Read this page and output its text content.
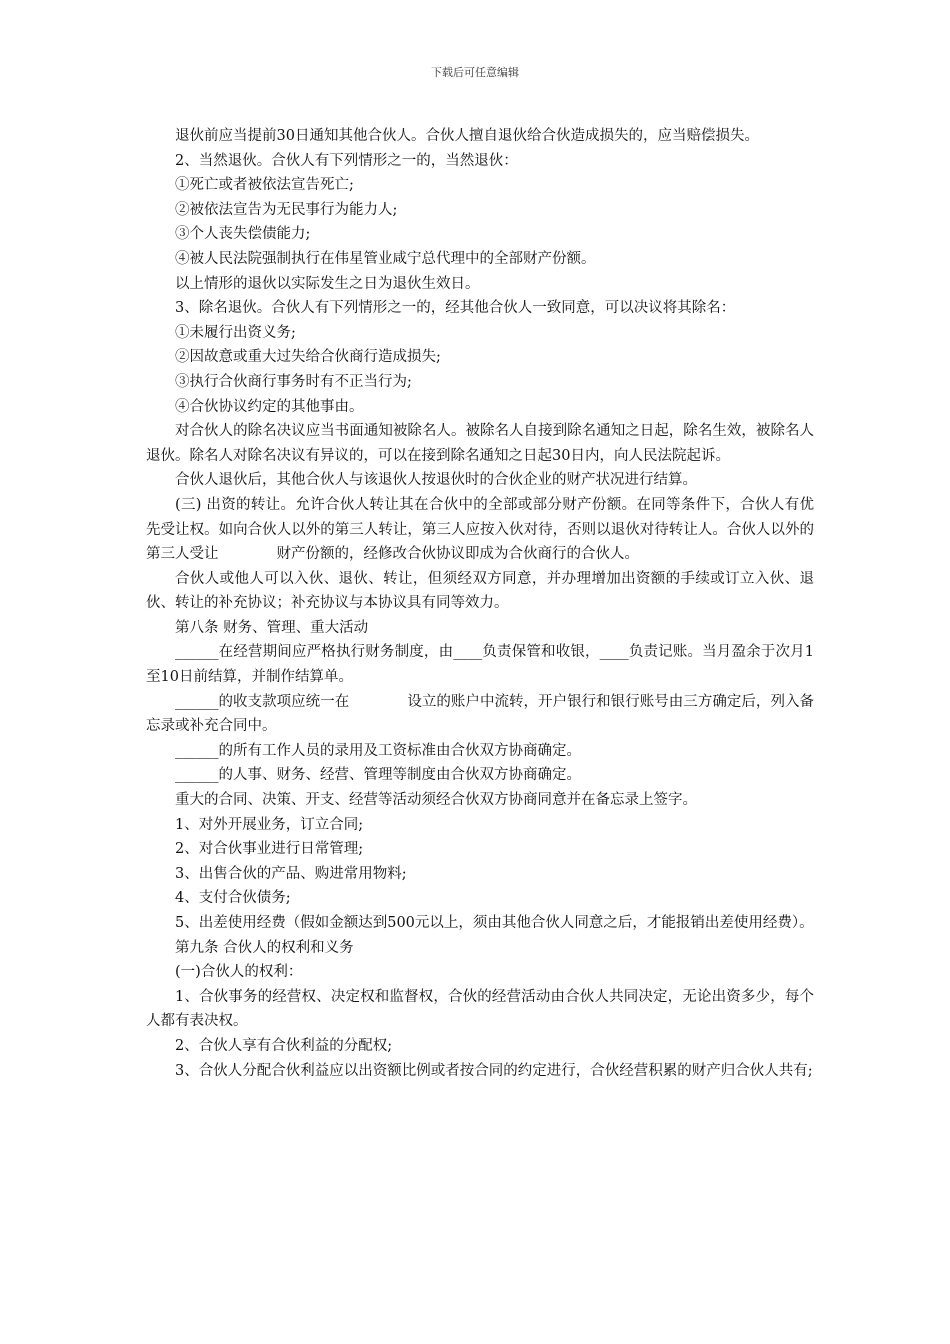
下载后可任意编辑

退伙前应当提前30日通知其他合伙人。合伙人擅自退伙给合伙造成损失的，应当赔偿损失。

2、当然退伙。合伙人有下列情形之一的，当然退伙：

①死亡或者被依法宣告死亡;

②被依法宣告为无民事行为能力人;

③个人丧失偿债能力;

④被人民法院强制执行在伟星管业咸宁总代理中的全部财产份额。

以上情形的退伙以实际发生之日为退伙生效日。

3、除名退伙。合伙人有下列情形之一的，经其他合伙人一致同意，可以决议将其除名：

①未履行出资义务;

②因故意或重大过失给合伙商行造成损失;

③执行合伙商行事务时有不正当行为;

④合伙协议约定的其他事由。

对合伙人的除名决议应当书面通知被除名人。被除名人自接到除名通知之日起，除名生效，被除名人退伙。除名人对除名决议有异议的，可以在接到除名通知之日起30日内，向人民法院起诉。

合伙人退伙后，其他合伙人与该退伙人按退伙时的合伙企业的财产状况进行结算。

(三) 出资的转让。允许合伙人转让其在合伙中的全部或部分财产份额。在同等条件下，合伙人有优先受让权。如向合伙人以外的第三人转让，第三人应按入伙对待，否则以退伙对待转让人。合伙人以外的第三人受让　　　　财产份额的，经修改合伙协议即成为合伙商行的合伙人。

合伙人或他人可以入伙、退伙、转让，但须经双方同意，并办理增加出资额的手续或订立入伙、退伙、转让的补充协议；补充协议与本协议具有同等效力。

第八条 财务、管理、重大活动

______在经营期间应严格执行财务制度，由____负责保管和收银，____负责记账。当月盈余于次月1至10日前结算，并制作结算单。

______的收支款项应统一在　　　　设立的账户中流转，开户银行和银行账号由三方确定后，列入备忘录或补充合同中。

______的所有工作人员的录用及工资标准由合伙双方协商确定。

______的人事、财务、经营、管理等制度由合伙双方协商确定。

重大的合同、决策、开支、经营等活动须经合伙双方协商同意并在备忘录上签字。

1、对外开展业务，订立合同;

2、对合伙事业进行日常管理;

3、出售合伙的产品、购进常用物料;

4、支付合伙债务;

5、出差使用经费（假如金额达到500元以上，须由其他合伙人同意之后，才能报销出差使用经费）。

第九条 合伙人的权利和义务

(一)合伙人的权利：

1、合伙事务的经营权、决定权和监督权，合伙的经营活动由合伙人共同决定，无论出资多少，每个人都有表决权。

2、合伙人享有合伙利益的分配权;

3、合伙人分配合伙利益应以出资额比例或者按合同的约定进行，合伙经营积累的财产归合伙人共有;
